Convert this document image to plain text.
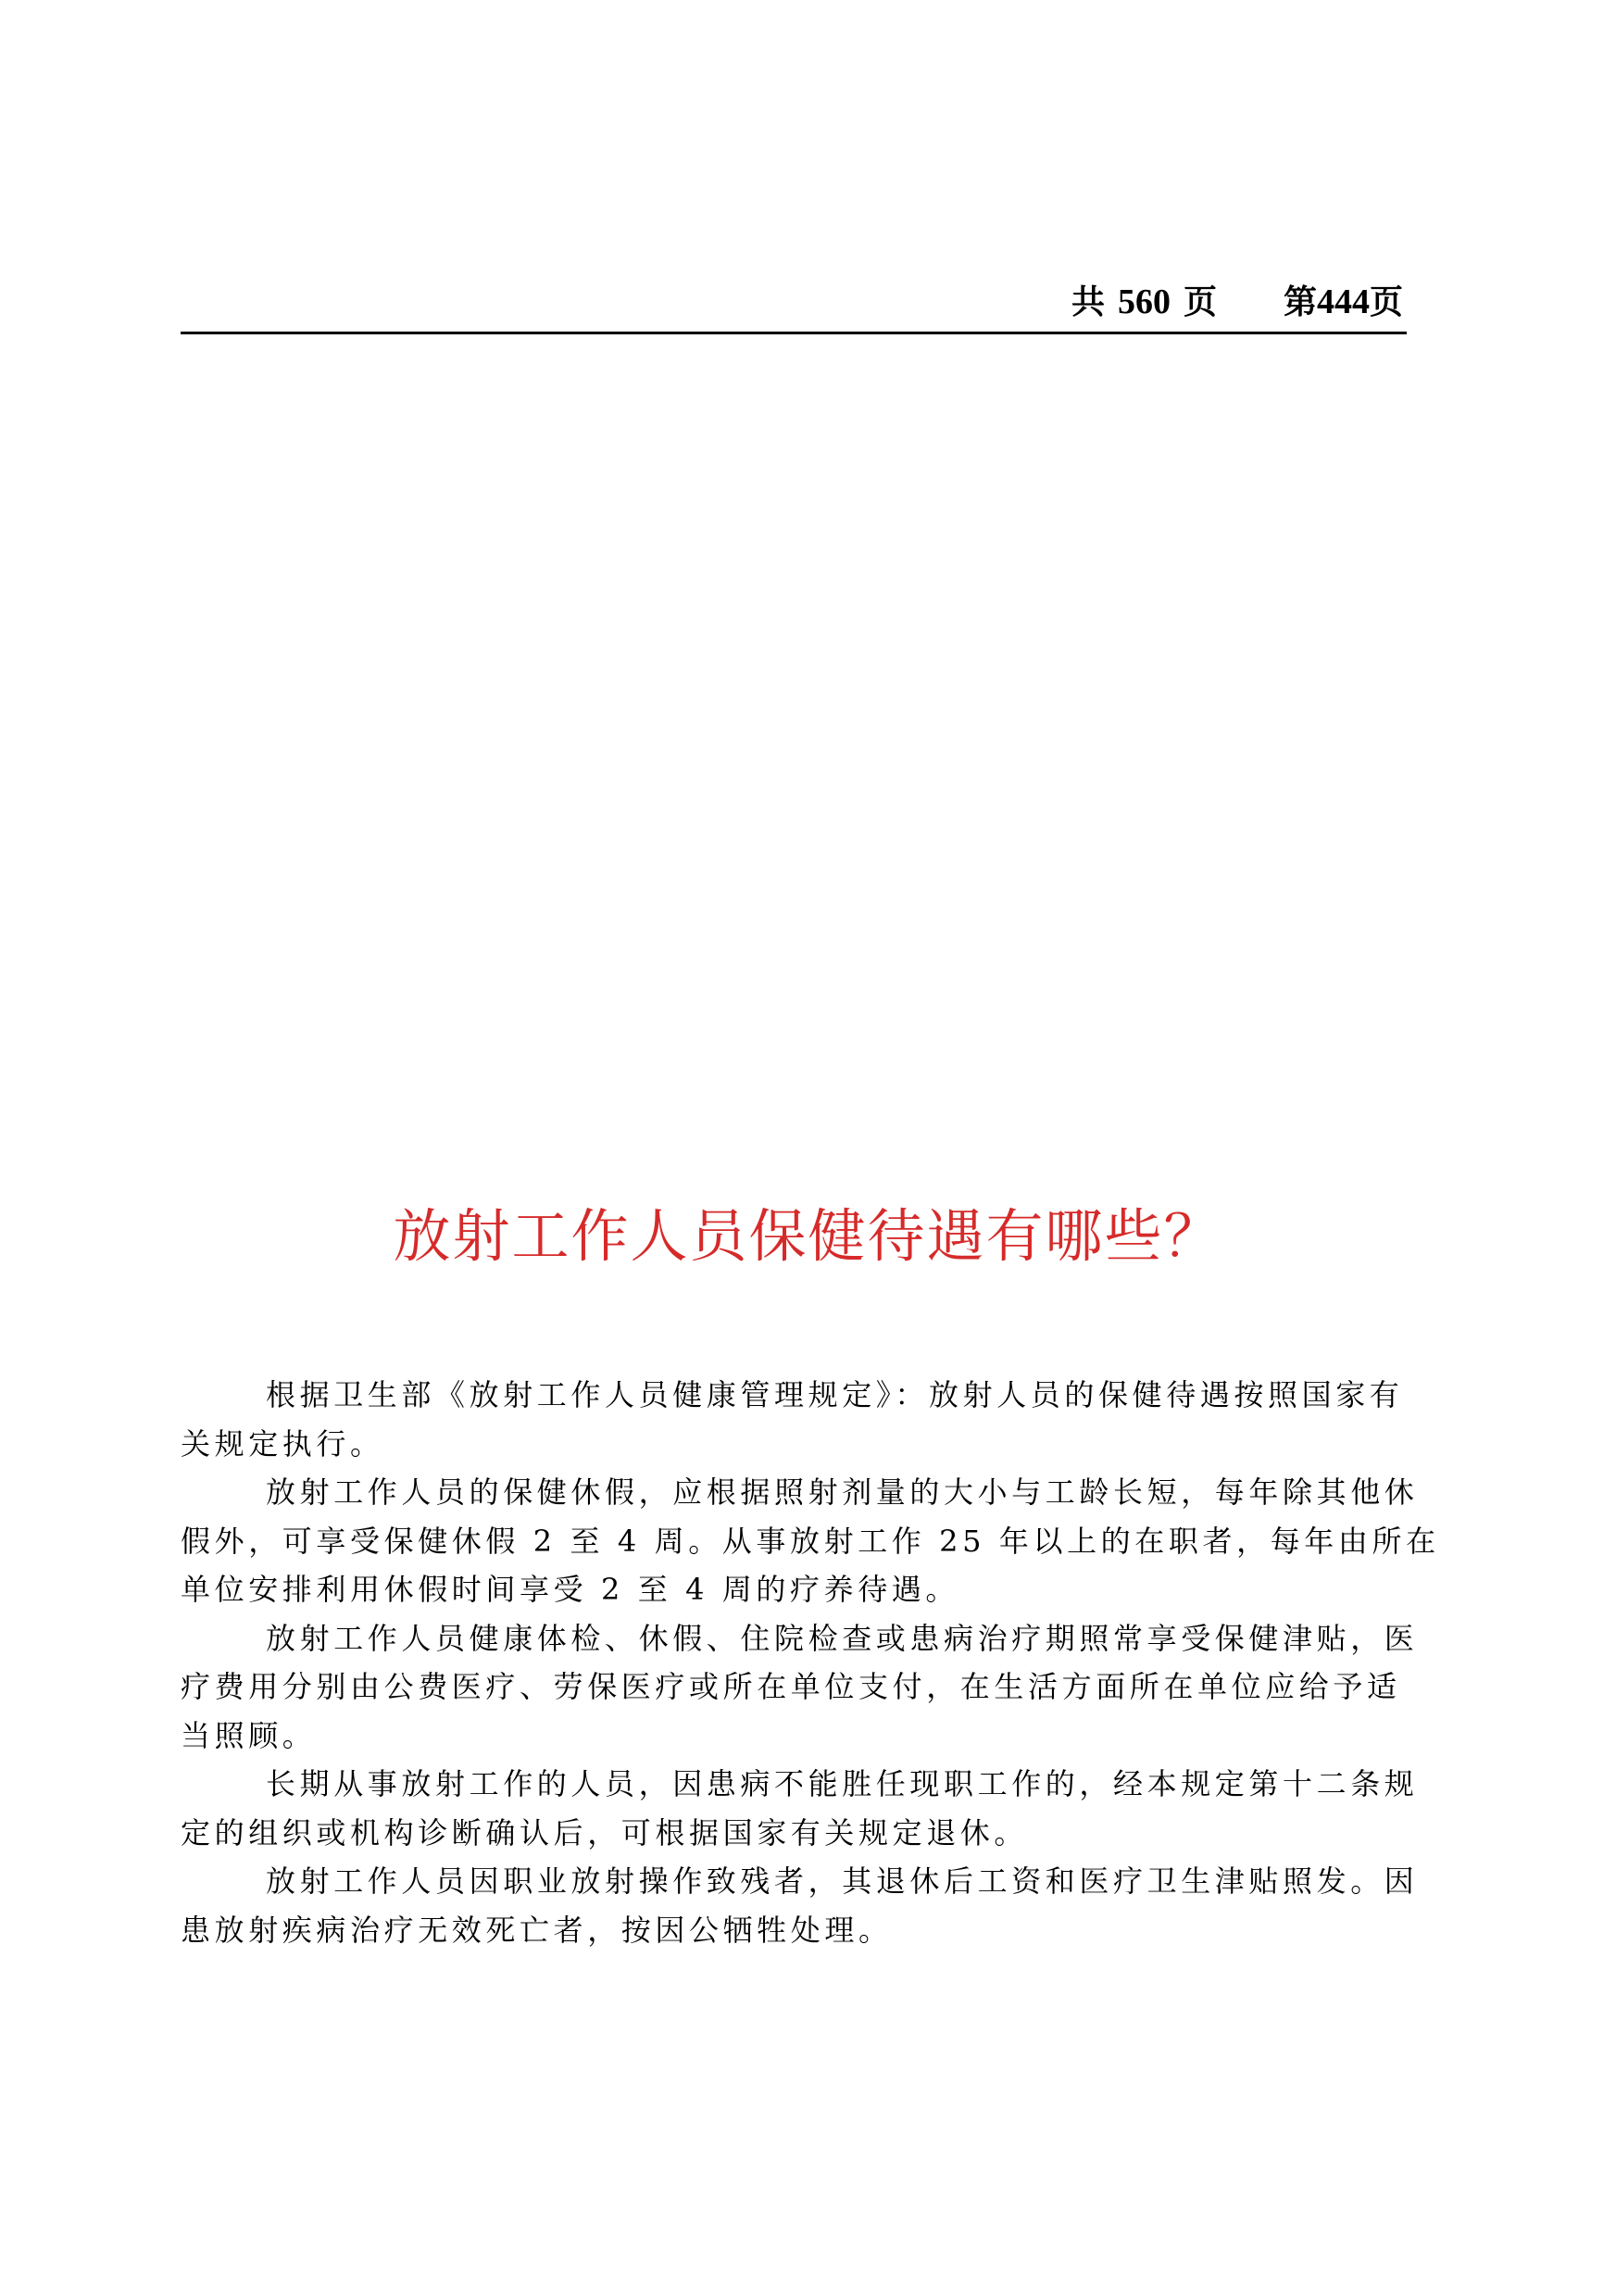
共 560 页 第444页
放射工作人员保健待遇有哪些？

根据卫生部《放射工作人员健康管理规定》：放射人员的保健待遇按照国家有
关规定执行。

放射工作人员的保健休假，应根据照射剂量的大小与工龄长短，每年除其他休
假外，可享受保健休假 2 至 4 周。从事放射工作 25 年以上的在职者，每年由所在
单位安排利用休假时间享受 2 至 4 周的疗养待遇。

放射工作人员健康体检、休假、住院检查或患病治疗期照常享受保健津贴，医
疗费用分别由公费医疗、劳保医疗或所在单位支付，在生活方面所在单位应给予适
当照顾。

长期从事放射工作的人员，因患病不能胜任现职工作的，经本规定第十二条规
定的组织或机构诊断确认后，可根据国家有关规定退休。

放射工作人员因职业放射操作致残者，其退休后工资和医疗卫生津贴照发。因
患放射疾病治疗无效死亡者，按因公牺牲处理。
